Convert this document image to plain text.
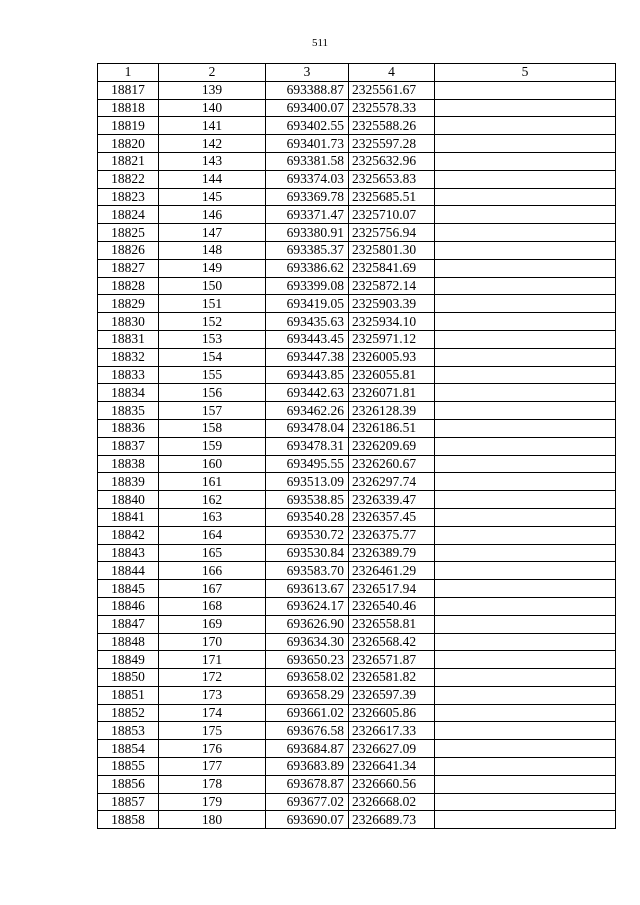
511
1	2	3	4	5
18817	139	693388.87	2325561.67	
18818	140	693400.07	2325578.33	
18819	141	693402.55	2325588.26	
18820	142	693401.73	2325597.28	
18821	143	693381.58	2325632.96	
18822	144	693374.03	2325653.83	
18823	145	693369.78	2325685.51	
18824	146	693371.47	2325710.07	
18825	147	693380.91	2325756.94	
18826	148	693385.37	2325801.30	
18827	149	693386.62	2325841.69	
18828	150	693399.08	2325872.14	
18829	151	693419.05	2325903.39	
18830	152	693435.63	2325934.10	
18831	153	693443.45	2325971.12	
18832	154	693447.38	2326005.93	
18833	155	693443.85	2326055.81	
18834	156	693442.63	2326071.81	
18835	157	693462.26	2326128.39	
18836	158	693478.04	2326186.51	
18837	159	693478.31	2326209.69	
18838	160	693495.55	2326260.67	
18839	161	693513.09	2326297.74	
18840	162	693538.85	2326339.47	
18841	163	693540.28	2326357.45	
18842	164	693530.72	2326375.77	
18843	165	693530.84	2326389.79	
18844	166	693583.70	2326461.29	
18845	167	693613.67	2326517.94	
18846	168	693624.17	2326540.46	
18847	169	693626.90	2326558.81	
18848	170	693634.30	2326568.42	
18849	171	693650.23	2326571.87	
18850	172	693658.02	2326581.82	
18851	173	693658.29	2326597.39	
18852	174	693661.02	2326605.86	
18853	175	693676.58	2326617.33	
18854	176	693684.87	2326627.09	
18855	177	693683.89	2326641.34	
18856	178	693678.87	2326660.56	
18857	179	693677.02	2326668.02	
18858	180	693690.07	2326689.73	
